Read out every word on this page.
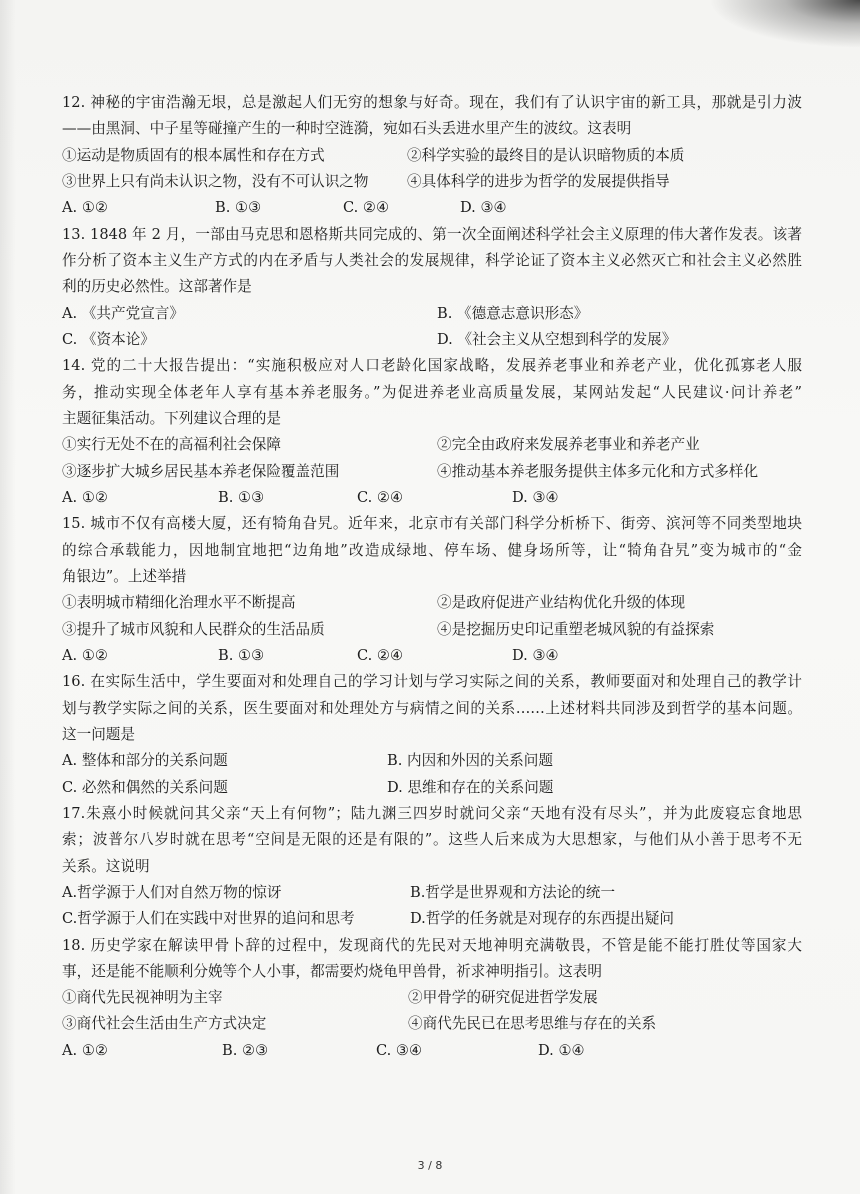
12. 神秘的宇宙浩瀚无垠，总是激起人们无穷的想象与好奇。现在，我们有了认识宇宙的新工具，那就是引力波
——由黑洞、中子星等碰撞产生的一种时空涟漪，宛如石头丢进水里产生的波纹。这表明
①运动是物质固有的根本属性和存在方式	②科学实验的最终目的是认识暗物质的本质
③世界上只有尚未认识之物，没有不可认识之物	④具体科学的进步为哲学的发展提供指导
A. ①②	B. ①③	C. ②④	D. ③④
13. 1848 年 2 月，一部由马克思和恩格斯共同完成的、第一次全面阐述科学社会主义原理的伟大著作发表。该著
作分析了资本主义生产方式的内在矛盾与人类社会的发展规律，科学论证了资本主义必然灭亡和社会主义必然胜
利的历史必然性。这部著作是
A. 《共产党宣言》	B. 《德意志意识形态》
C. 《资本论》	D. 《社会主义从空想到科学的发展》
14. 党的二十大报告提出：“实施积极应对人口老龄化国家战略，发展养老事业和养老产业，优化孤寡老人服
务，推动实现全体老年人享有基本养老服务。”为促进养老业高质量发展，某网站发起“人民建议·问计养老”
主题征集活动。下列建议合理的是
①实行无处不在的高福利社会保障	②完全由政府来发展养老事业和养老产业
③逐步扩大城乡居民基本养老保险覆盖范围	④推动基本养老服务提供主体多元化和方式多样化
A. ①②	B. ①③	C. ②④	D. ③④
15. 城市不仅有高楼大厦，还有犄角旮旯。近年来，北京市有关部门科学分析桥下、街旁、滨河等不同类型地块
的综合承载能力，因地制宜地把“边角地”改造成绿地、停车场、健身场所等，让“犄角旮旯”变为城市的“金
角银边”。上述举措
①表明城市精细化治理水平不断提高	②是政府促进产业结构优化升级的体现
③提升了城市风貌和人民群众的生活品质	④是挖掘历史印记重塑老城风貌的有益探索
A. ①②	B. ①③	C. ②④	D. ③④
16. 在实际生活中，学生要面对和处理自己的学习计划与学习实际之间的关系，教师要面对和处理自己的教学计
划与教学实际之间的关系，医生要面对和处理处方与病情之间的关系……上述材料共同涉及到哲学的基本问题。
这一问题是
A. 整体和部分的关系问题	B. 内因和外因的关系问题
C. 必然和偶然的关系问题	D. 思维和存在的关系问题
17.朱熹小时候就问其父亲“天上有何物”；陆九渊三四岁时就问父亲“天地有没有尽头”，并为此废寝忘食地思
索；波普尔八岁时就在思考“空间是无限的还是有限的”。这些人后来成为大思想家，与他们从小善于思考不无
关系。这说明
A.哲学源于人们对自然万物的惊讶	B.哲学是世界观和方法论的统一
C.哲学源于人们在实践中对世界的追问和思考	D.哲学的任务就是对现存的东西提出疑问
18. 历史学家在解读甲骨卜辞的过程中，发现商代的先民对天地神明充满敬畏，不管是能不能打胜仗等国家大
事，还是能不能顺利分娩等个人小事，都需要灼烧龟甲兽骨，祈求神明指引。这表明
①商代先民视神明为主宰	②甲骨学的研究促进哲学发展
③商代社会生活由生产方式决定	④商代先民已在思考思维与存在的关系
A. ①②	B. ②③	C. ③④	D. ①④
3 / 8
